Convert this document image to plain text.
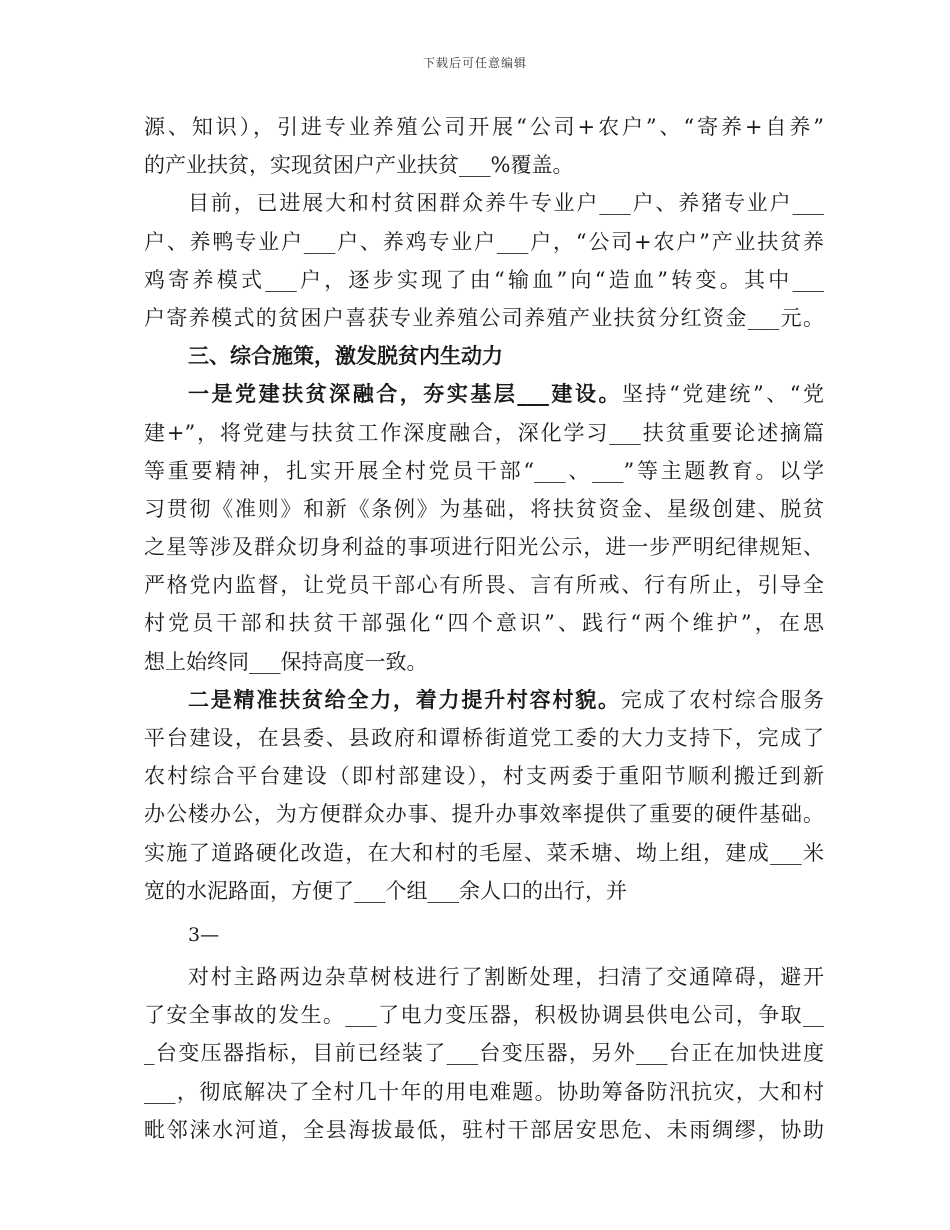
下载后可任意编辑
源、知识），引进专业养殖公司开展“公司+农户”、“寄养+自养”
的产业扶贫，实现贫困户产业扶贫___%覆盖。
目前，已进展大和村贫困群众养牛专业户___户、养猪专业户___
户、养鸭专业户___户、养鸡专业户___户，“公司+农户”产业扶贫养
鸡寄养模式___户，逐步实现了由“输血”向“造血”转变。其中___
户寄养模式的贫困户喜获专业养殖公司养殖产业扶贫分红资金___元。
三、综合施策，激发脱贫内生动力
一是党建扶贫深融合，夯实基层___建设。坚持“党建统”、“党
建+”，将党建与扶贫工作深度融合，深化学习___扶贫重要论述摘篇
等重要精神，扎实开展全村党员干部“___、___”等主题教育。以学
习贯彻《准则》和新《条例》为基础，将扶贫资金、星级创建、脱贫
之星等涉及群众切身利益的事项进行阳光公示，进一步严明纪律规矩、
严格党内监督，让党员干部心有所畏、言有所戒、行有所止，引导全
村党员干部和扶贫干部强化“四个意识”、践行“两个维护”，在思
想上始终同___保持高度一致。
二是精准扶贫给全力，着力提升村容村貌。完成了农村综合服务
平台建设，在县委、县政府和谭桥街道党工委的大力支持下，完成了
农村综合平台建设（即村部建设），村支两委于重阳节顺利搬迁到新
办公楼办公，为方便群众办事、提升办事效率提供了重要的硬件基础。
实施了道路硬化改造，在大和村的毛屋、菜禾塘、坳上组，建成___米
宽的水泥路面，方便了___个组___余人口的出行，并
3—
对村主路两边杂草树枝进行了割断处理，扫清了交通障碍，避开
了安全事故的发生。___了电力变压器，积极协调县供电公司，争取__
_台变压器指标，目前已经装了___台变压器，另外___台正在加快进度
___，彻底解决了全村几十年的用电难题。协助筹备防汛抗灾，大和村
毗邻涞水河道，全县海拔最低，驻村干部居安思危、未雨绸缪，协助
